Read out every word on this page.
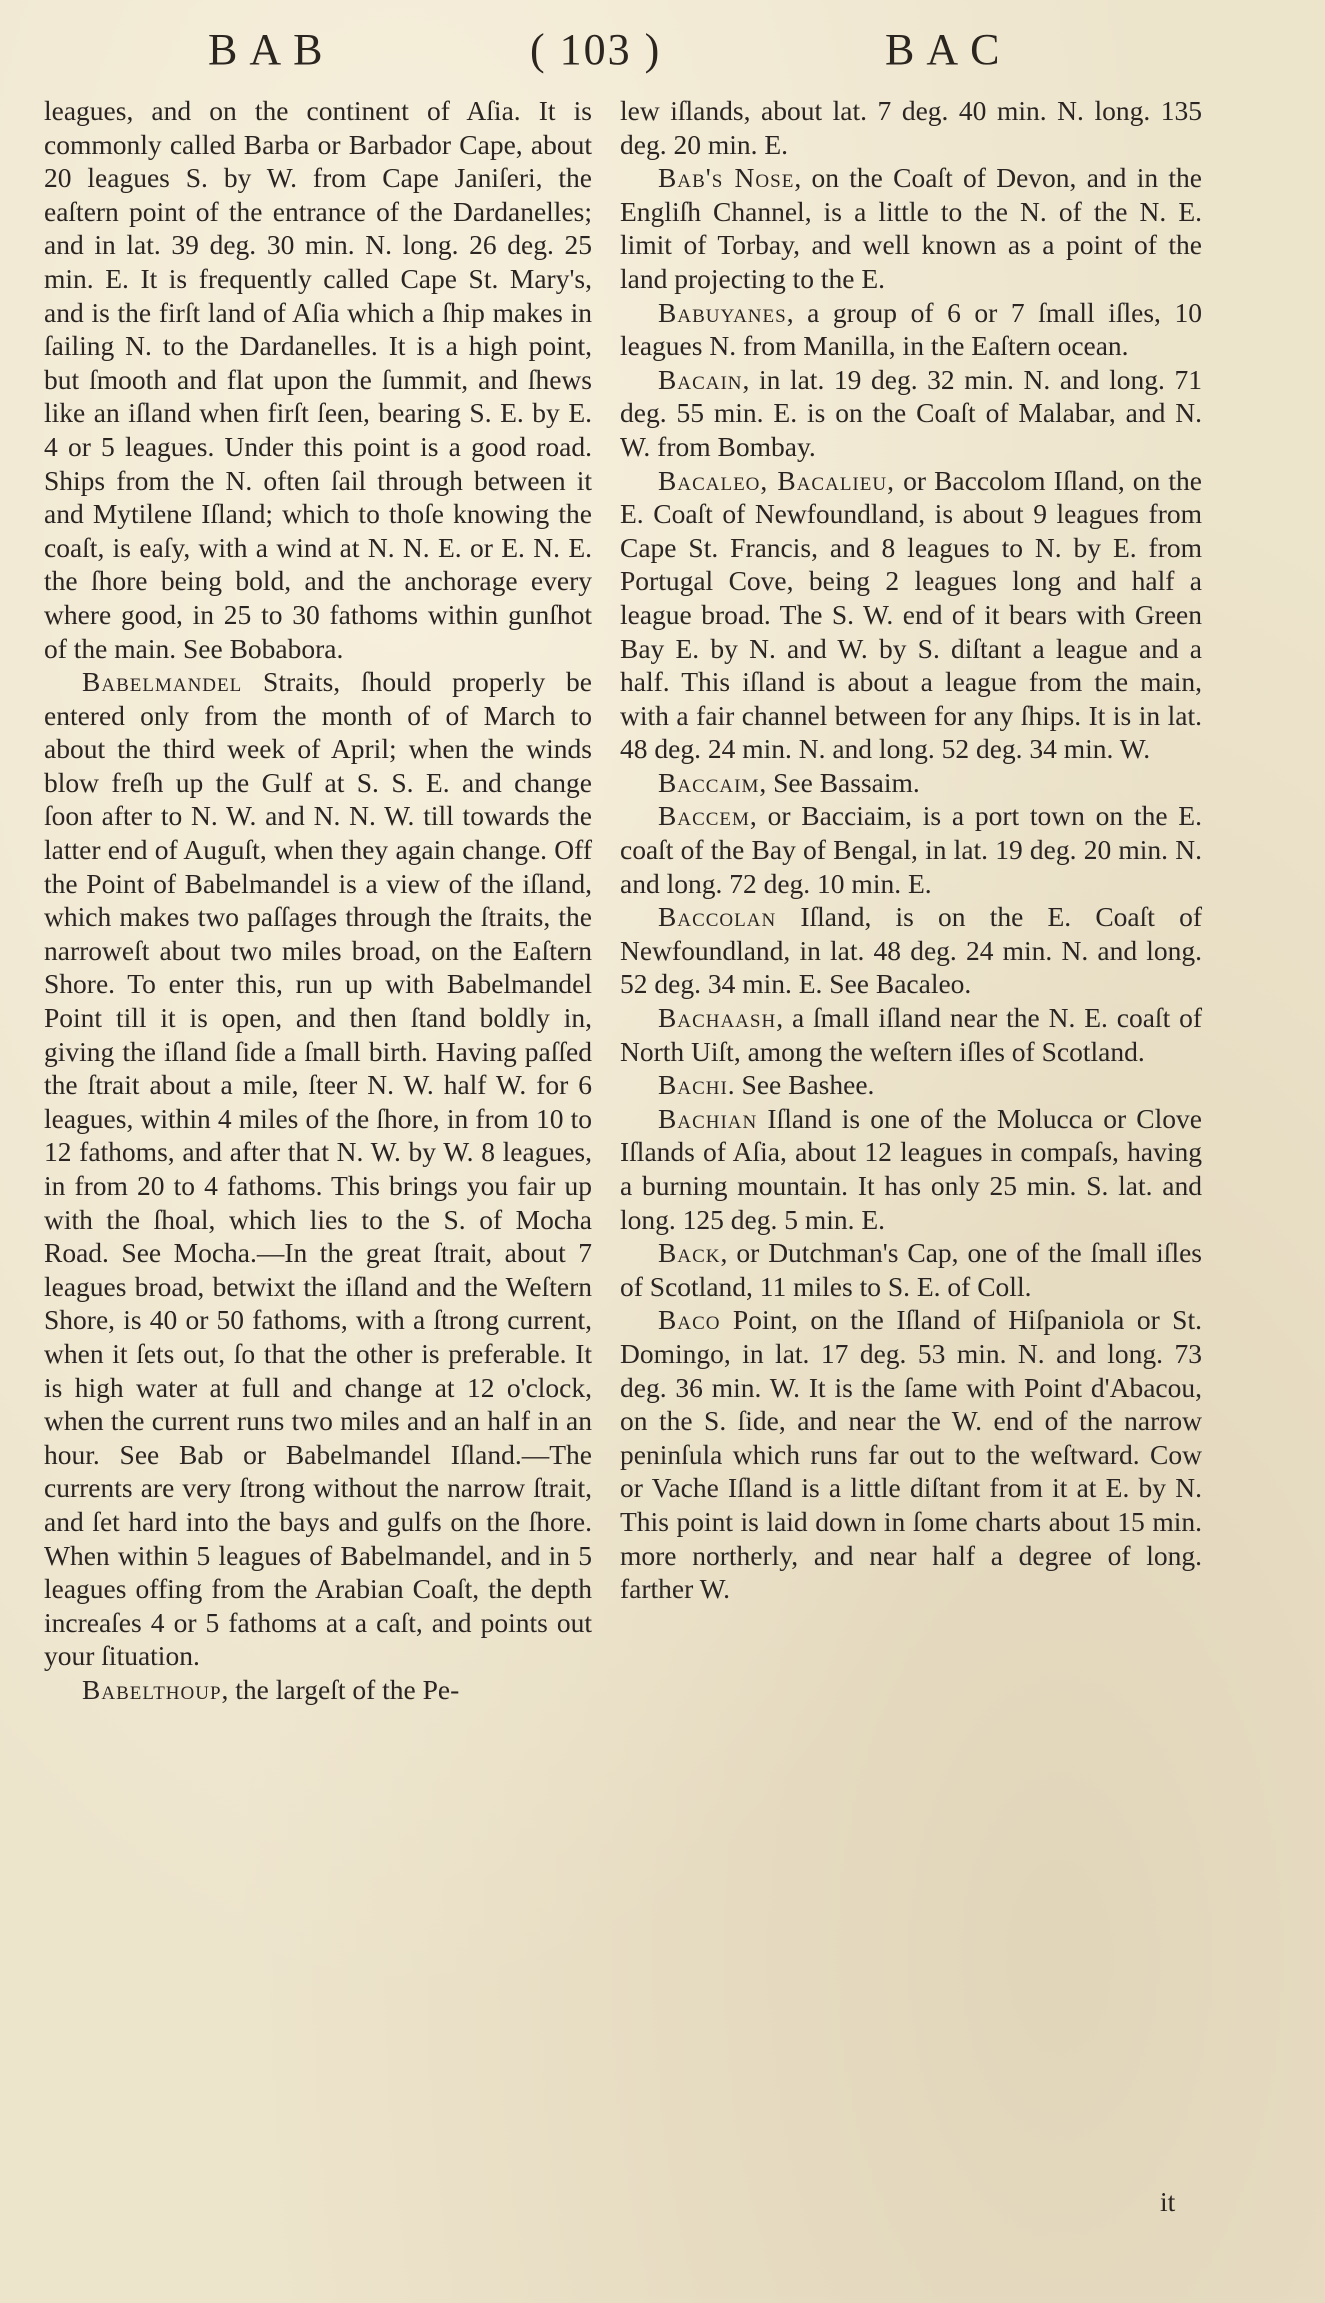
BAB	( 103 )	BAC

leagues, and on the continent of Aſia. It is commonly called Barba or Barbador Cape, about 20 leagues S. by W. from Cape Janiſeri, the eaſtern point of the entrance of the Dardanelles; and in lat. 39 deg. 30 min. N. long. 26 deg. 25 min. E. It is frequently called Cape St. Mary's, and is the firſt land of Aſia which a ſhip makes in ſailing N. to the Dardanelles. It is a high point, but ſmooth and flat upon the ſummit, and ſhews like an iſland when firſt ſeen, bearing S. E. by E. 4 or 5 leagues. Under this point is a good road. Ships from the N. often ſail through between it and Mytilene Iſland; which to thoſe knowing the coaſt, is eaſy, with a wind at N. N. E. or E. N. E. the ſhore being bold, and the anchorage every where good, in 25 to 30 fathoms within gunſhot of the main. See Bobabora.

Babelmandel Straits, ſhould properly be entered only from the month of of March to about the third week of April; when the winds blow freſh up the Gulf at S. S. E. and change ſoon after to N. W. and N. N. W. till towards the latter end of Auguſt, when they again change. Off the Point of Babelmandel is a view of the iſland, which makes two paſſages through the ſtraits, the narroweſt about two miles broad, on the Eaſtern Shore. To enter this, run up with Babelmandel Point till it is open, and then ſtand boldly in, giving the iſland ſide a ſmall birth. Having paſſed the ſtrait about a mile, ſteer N. W. half W. for 6 leagues, within 4 miles of the ſhore, in from 10 to 12 fathoms, and after that N. W. by W. 8 leagues, in from 20 to 4 fathoms. This brings you fair up with the ſhoal, which lies to the S. of Mocha Road. See Mocha.—In the great ſtrait, about 7 leagues broad, betwixt the iſland and the Weſtern Shore, is 40 or 50 fathoms, with a ſtrong current, when it ſets out, ſo that the other is preferable. It is high water at full and change at 12 o'clock, when the current runs two miles and an half in an hour. See Bab or Babelmandel Iſland.—The currents are very ſtrong without the narrow ſtrait, and ſet hard into the bays and gulfs on the ſhore. When within 5 leagues of Babelmandel, and in 5 leagues offing from the Arabian Coaſt, the depth increaſes 4 or 5 fathoms at a caſt, and points out your ſituation.

Babelthoup, the largeſt of the Pe-

lew iſlands, about lat. 7 deg. 40 min. N. long. 135 deg. 20 min. E.

Bab's Nose, on the Coaſt of Devon, and in the Engliſh Channel, is a little to the N. of the N. E. limit of Torbay, and well known as a point of the land projecting to the E.

Babuyanes, a group of 6 or 7 ſmall iſles, 10 leagues N. from Manilla, in the Eaſtern ocean.

Bacain, in lat. 19 deg. 32 min. N. and long. 71 deg. 55 min. E. is on the Coaſt of Malabar, and N. W. from Bombay.

Bacaleo, Bacalieu, or Baccolom Iſland, on the E. Coaſt of Newfoundland, is about 9 leagues from Cape St. Francis, and 8 leagues to N. by E. from Portugal Cove, being 2 leagues long and half a league broad. The S. W. end of it bears with Green Bay E. by N. and W. by S. diſtant a league and a half. This iſland is about a league from the main, with a fair channel between for any ſhips. It is in lat. 48 deg. 24 min. N. and long. 52 deg. 34 min. W.

Baccaim, See Bassaim.

Baccem, or Bacciaim, is a port town on the E. coaſt of the Bay of Bengal, in lat. 19 deg. 20 min. N. and long. 72 deg. 10 min. E.

Baccolan Iſland, is on the E. Coaſt of Newfoundland, in lat. 48 deg. 24 min. N. and long. 52 deg. 34 min. E. See Bacaleo.

Bachaash, a ſmall iſland near the N. E. coaſt of North Uiſt, among the weſtern iſles of Scotland.

Bachi. See Bashee.

Bachian Iſland is one of the Molucca or Clove Iſlands of Aſia, about 12 leagues in compaſs, having a burning mountain. It has only 25 min. S. lat. and long. 125 deg. 5 min. E.

Back, or Dutchman's Cap, one of the ſmall iſles of Scotland, 11 miles to S. E. of Coll.

Baco Point, on the Iſland of Hiſpaniola or St. Domingo, in lat. 17 deg. 53 min. N. and long. 73 deg. 36 min. W. It is the ſame with Point d'Abacou, on the S. ſide, and near the W. end of the narrow peninſula which runs far out to the weſtward. Cow or Vache Iſland is a little diſtant from it at E. by N. This point is laid down in ſome charts about 15 min. more northerly, and near half a degree of long. farther W.

it
